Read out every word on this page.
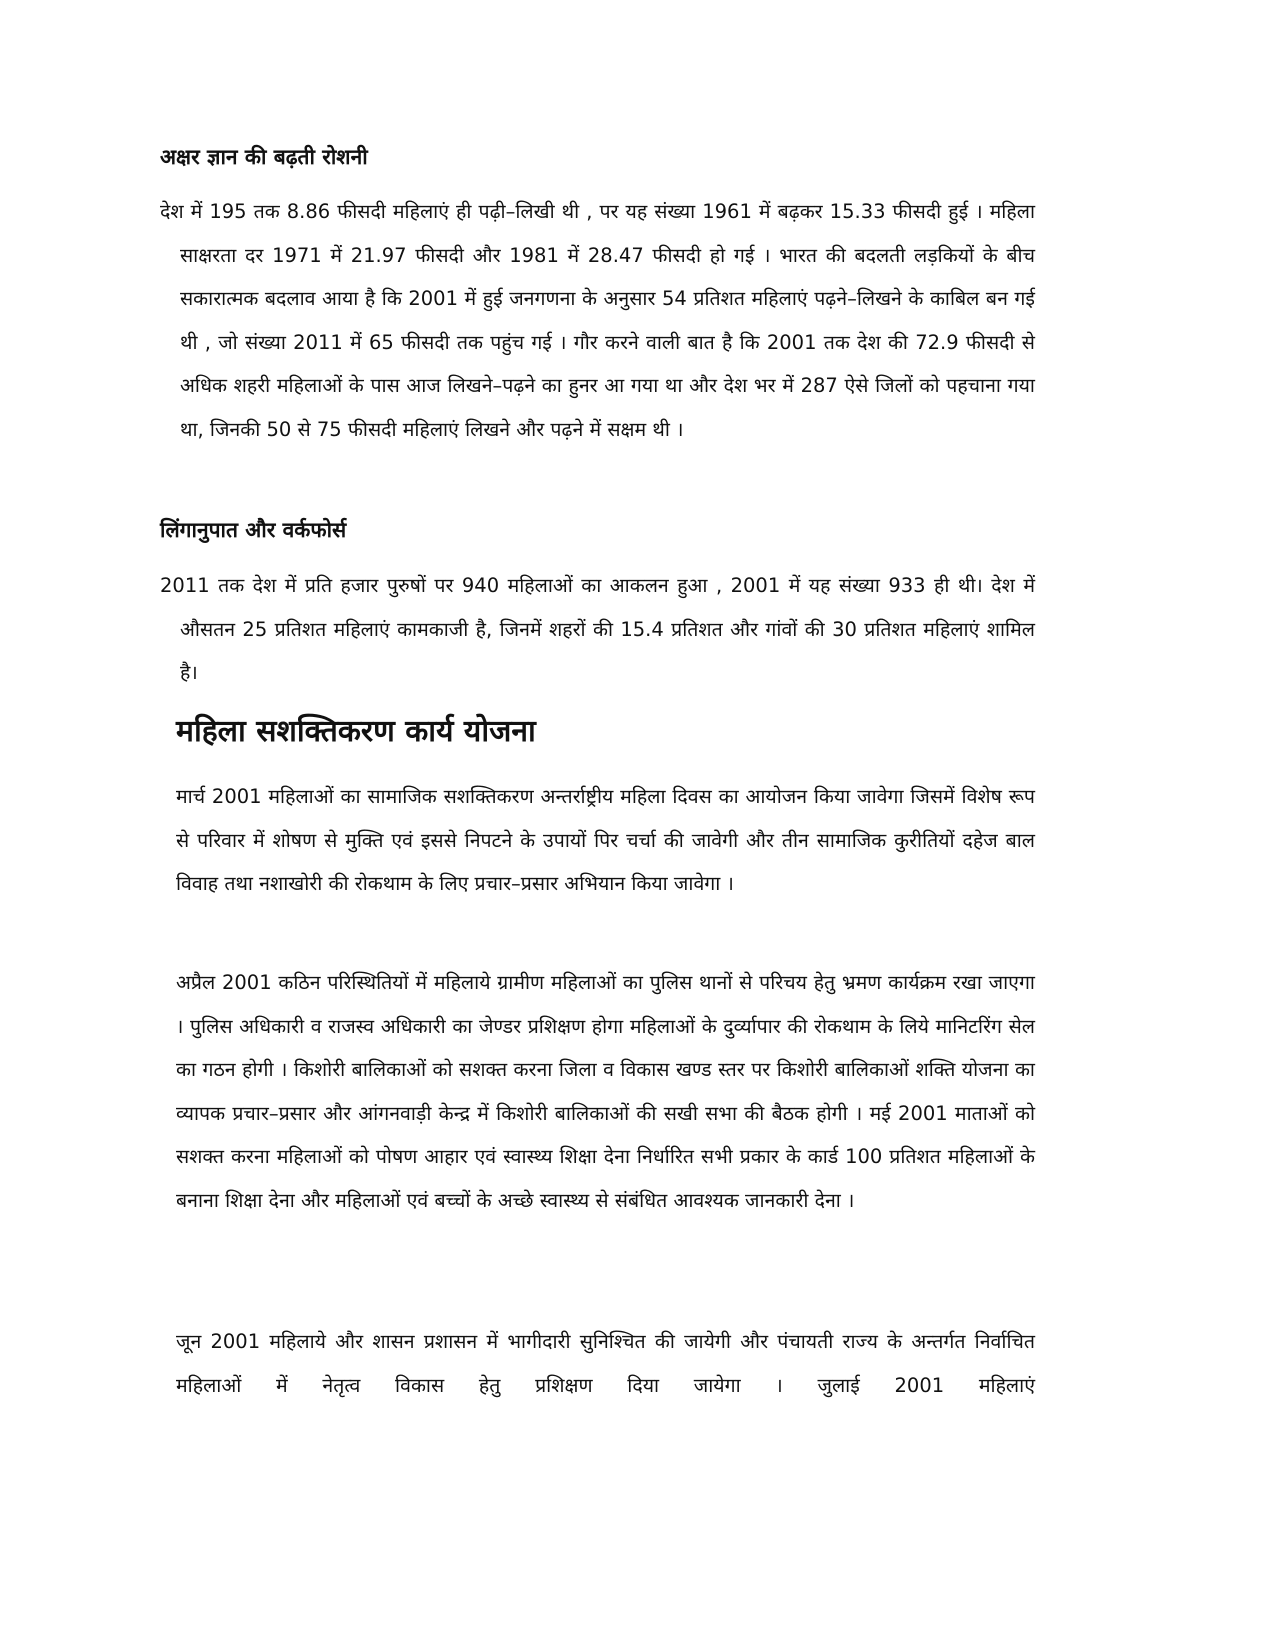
अक्षर ज्ञान की बढ़ती रोशनी

देश में 195 तक 8.86 फीसदी महिलाएं ही पढ़ी–लिखी थी , पर यह संख्या 1961 में बढ़कर 15.33 फीसदी हुई । महिला साक्षरता दर 1971 में 21.97 फीसदी और 1981 में 28.47 फीसदी हो गई । भारत की बदलती लड़कियों के बीच सकारात्मक बदलाव आया है कि 2001 में हुई जनगणना के अनुसार 54 प्रतिशत महिलाएं पढ़ने–लिखने के काबिल बन गई थी , जो संख्या 2011 में 65 फीसदी तक पहुंच गई । गौर करने वाली बात है कि 2001 तक देश की 72.9 फीसदी से अधिक शहरी महिलाओं के पास आज लिखने–पढ़ने का हुनर आ गया था और देश भर में 287 ऐसे जिलों को पहचाना गया था, जिनकी 50 से 75 फीसदी महिलाएं लिखने और पढ़ने में सक्षम थी ।

लिंगानुपात और वर्कफोर्स

2011 तक देश में प्रति हजार पुरुषों पर 940 महिलाओं का आकलन हुआ , 2001 में यह संख्या 933 ही थी। देश में औसतन 25 प्रतिशत महिलाएं कामकाजी है, जिनमें शहरों की 15.4 प्रतिशत और गांवों की 30 प्रतिशत महिलाएं शामिल है।

महिला सशक्तिकरण कार्य योजना

मार्च 2001 महिलाओं का सामाजिक सशक्तिकरण अन्तर्राष्ट्रीय महिला दिवस का आयोजन किया जावेगा जिसमें विशेष रूप से परिवार में शोषण से मुक्ति एवं इससे निपटने के उपायों पिर चर्चा की जावेगी और तीन सामाजिक कुरीतियों दहेज बाल विवाह तथा नशाखोरी की रोकथाम के लिए प्रचार–प्रसार अभियान किया जावेगा ।

अप्रैल 2001 कठिन परिस्थितियों में महिलाये ग्रामीण महिलाओं का पुलिस थानों से परिचय हेतु भ्रमण कार्यक्रम रखा जाएगा । पुलिस अधिकारी व राजस्व अधिकारी का जेण्डर प्रशिक्षण होगा महिलाओं के दुर्व्यापार की रोकथाम के लिये मानिटरिंग सेल का गठन होगी । किशोरी बालिकाओं को सशक्त करना जिला व विकास खण्ड स्तर पर किशोरी बालिकाओं शक्ति योजना का व्यापक प्रचार–प्रसार और आंगनवाड़ी केन्द्र में किशोरी बालिकाओं की सखी सभा की बैठक होगी । मई 2001 माताओं को सशक्त करना महिलाओं को पोषण आहार एवं स्वास्थ्य शिक्षा देना निर्धारित सभी प्रकार के कार्ड 100 प्रतिशत महिलाओं के बनाना शिक्षा देना और महिलाओं एवं बच्चों के अच्छे स्वास्थ्य से संबंधित आवश्यक जानकारी देना ।

जून 2001 महिलाये और शासन प्रशासन में भागीदारी सुनिश्चित की जायेगी और पंचायती राज्य के अन्तर्गत निर्वाचित महिलाओं में नेतृत्व विकास हेतु प्रशिक्षण दिया जायेगा । जुलाई 2001 महिलाएं
